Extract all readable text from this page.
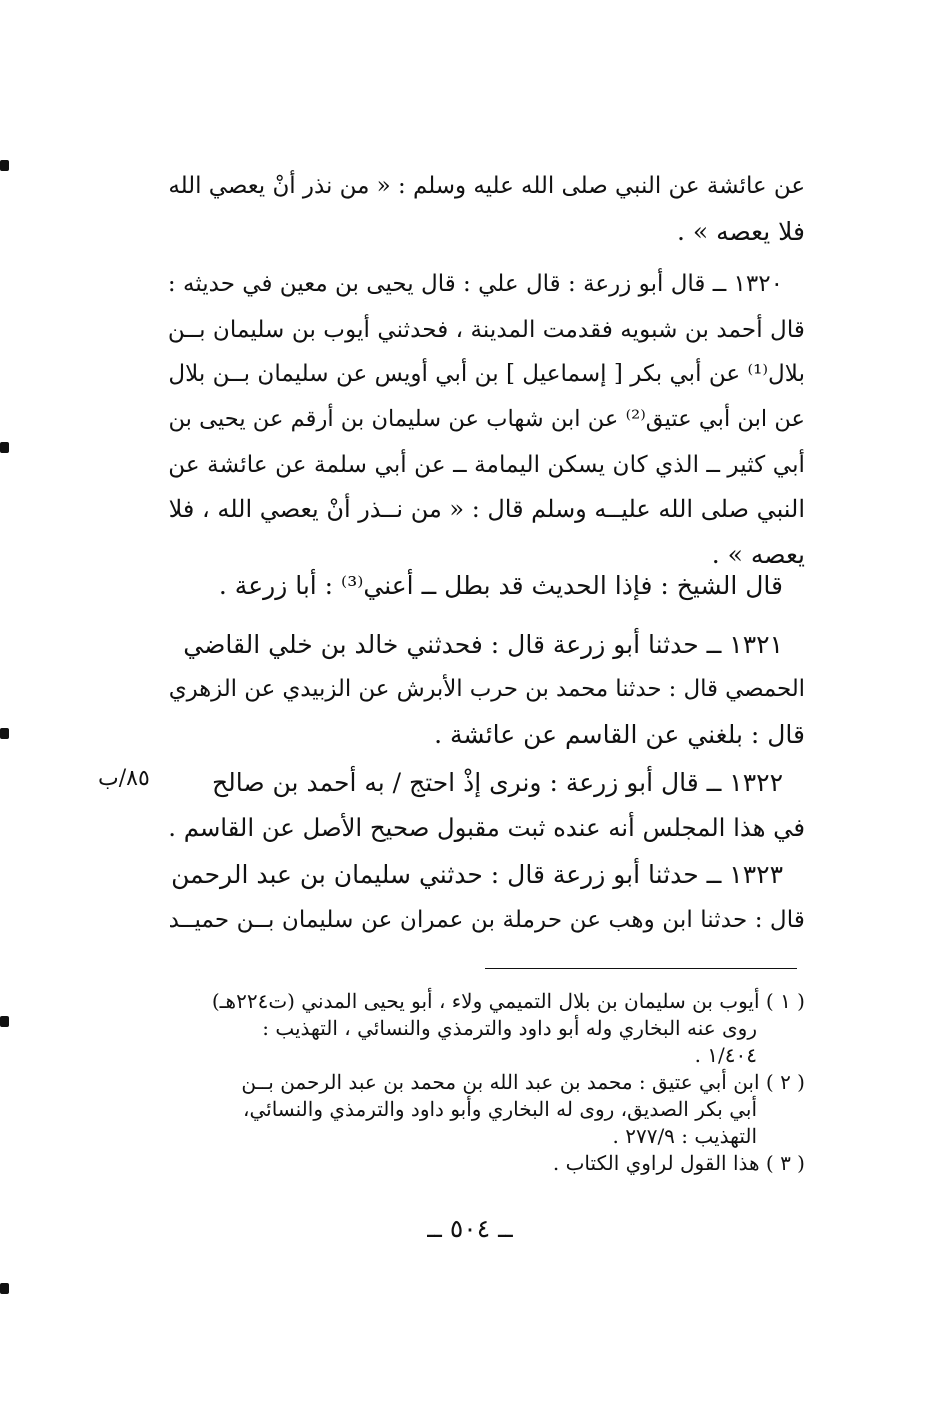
عن عائشة عن النبي صلى الله عليه وسلم : « من نذر أنْ يعصي الله
فلا يعصه » .
١٣٢٠ ــ قال أبو زرعة : قال علي : قال يحيى بن معين في حديثه :
قال أحمد بن شبويه فقدمت المدينة ، فحدثني أيوب بن سليمان بــن
بلال⁽¹⁾ عن أبي بكر [ إسماعيل ] بن أبي أويس عن سليمان بــن بلال
عن ابن أبي عتيق⁽²⁾ عن ابن شهاب عن سليمان بن أرقم عن يحيى بن
أبي كثير ــ الذي كان يسكن اليمامة ــ عن أبي سلمة عن عائشة عن
النبي صلى الله عليــه وسلم قال : « من نــذر أنْ يعصي الله ، فلا
يعصه » .
قال الشيخ : فإذا الحديث قد بطل ــ أعني⁽³⁾ : أبا زرعة .
١٣٢١ ــ حدثنا أبو زرعة قال : فحدثني خالد بن خلي القاضي
الحمصي قال : حدثنا محمد بن حرب الأبرش عن الزبيدي عن الزهري
قال : بلغني عن القاسم عن عائشة .
١٣٢٢ ــ قال أبو زرعة : ونرى إذْ احتج / به أحمد بن صالح
في هذا المجلس أنه عنده ثبت مقبول صحيح الأصل عن القاسم .
٨٥/ب
١٣٢٣ ــ حدثنا أبو زرعة قال : حدثني سليمان بن عبد الرحمن
قال : حدثنا ابن وهب عن حرملة بن عمران عن سليمان بــن حميــد
( ١ ) أيوب بن سليمان بن بلال التميمي ولاء ، أبو يحيى المدني (ت٢٢٤هـ)
روى عنه البخاري وله أبو داود والترمذي والنسائي ، التهذيب :
١/٤٠٤ .
( ٢ ) ابن أبي عتيق : محمد بن عبد الله بن محمد بن عبد الرحمن بــن
أبي بكر الصديق، روى له البخاري وأبو داود والترمذي والنسائي،
التهذيب : ٢٧٧/٩ .
( ٣ ) هذا القول لراوي الكتاب .
ــ ٥٠٤ ــ
